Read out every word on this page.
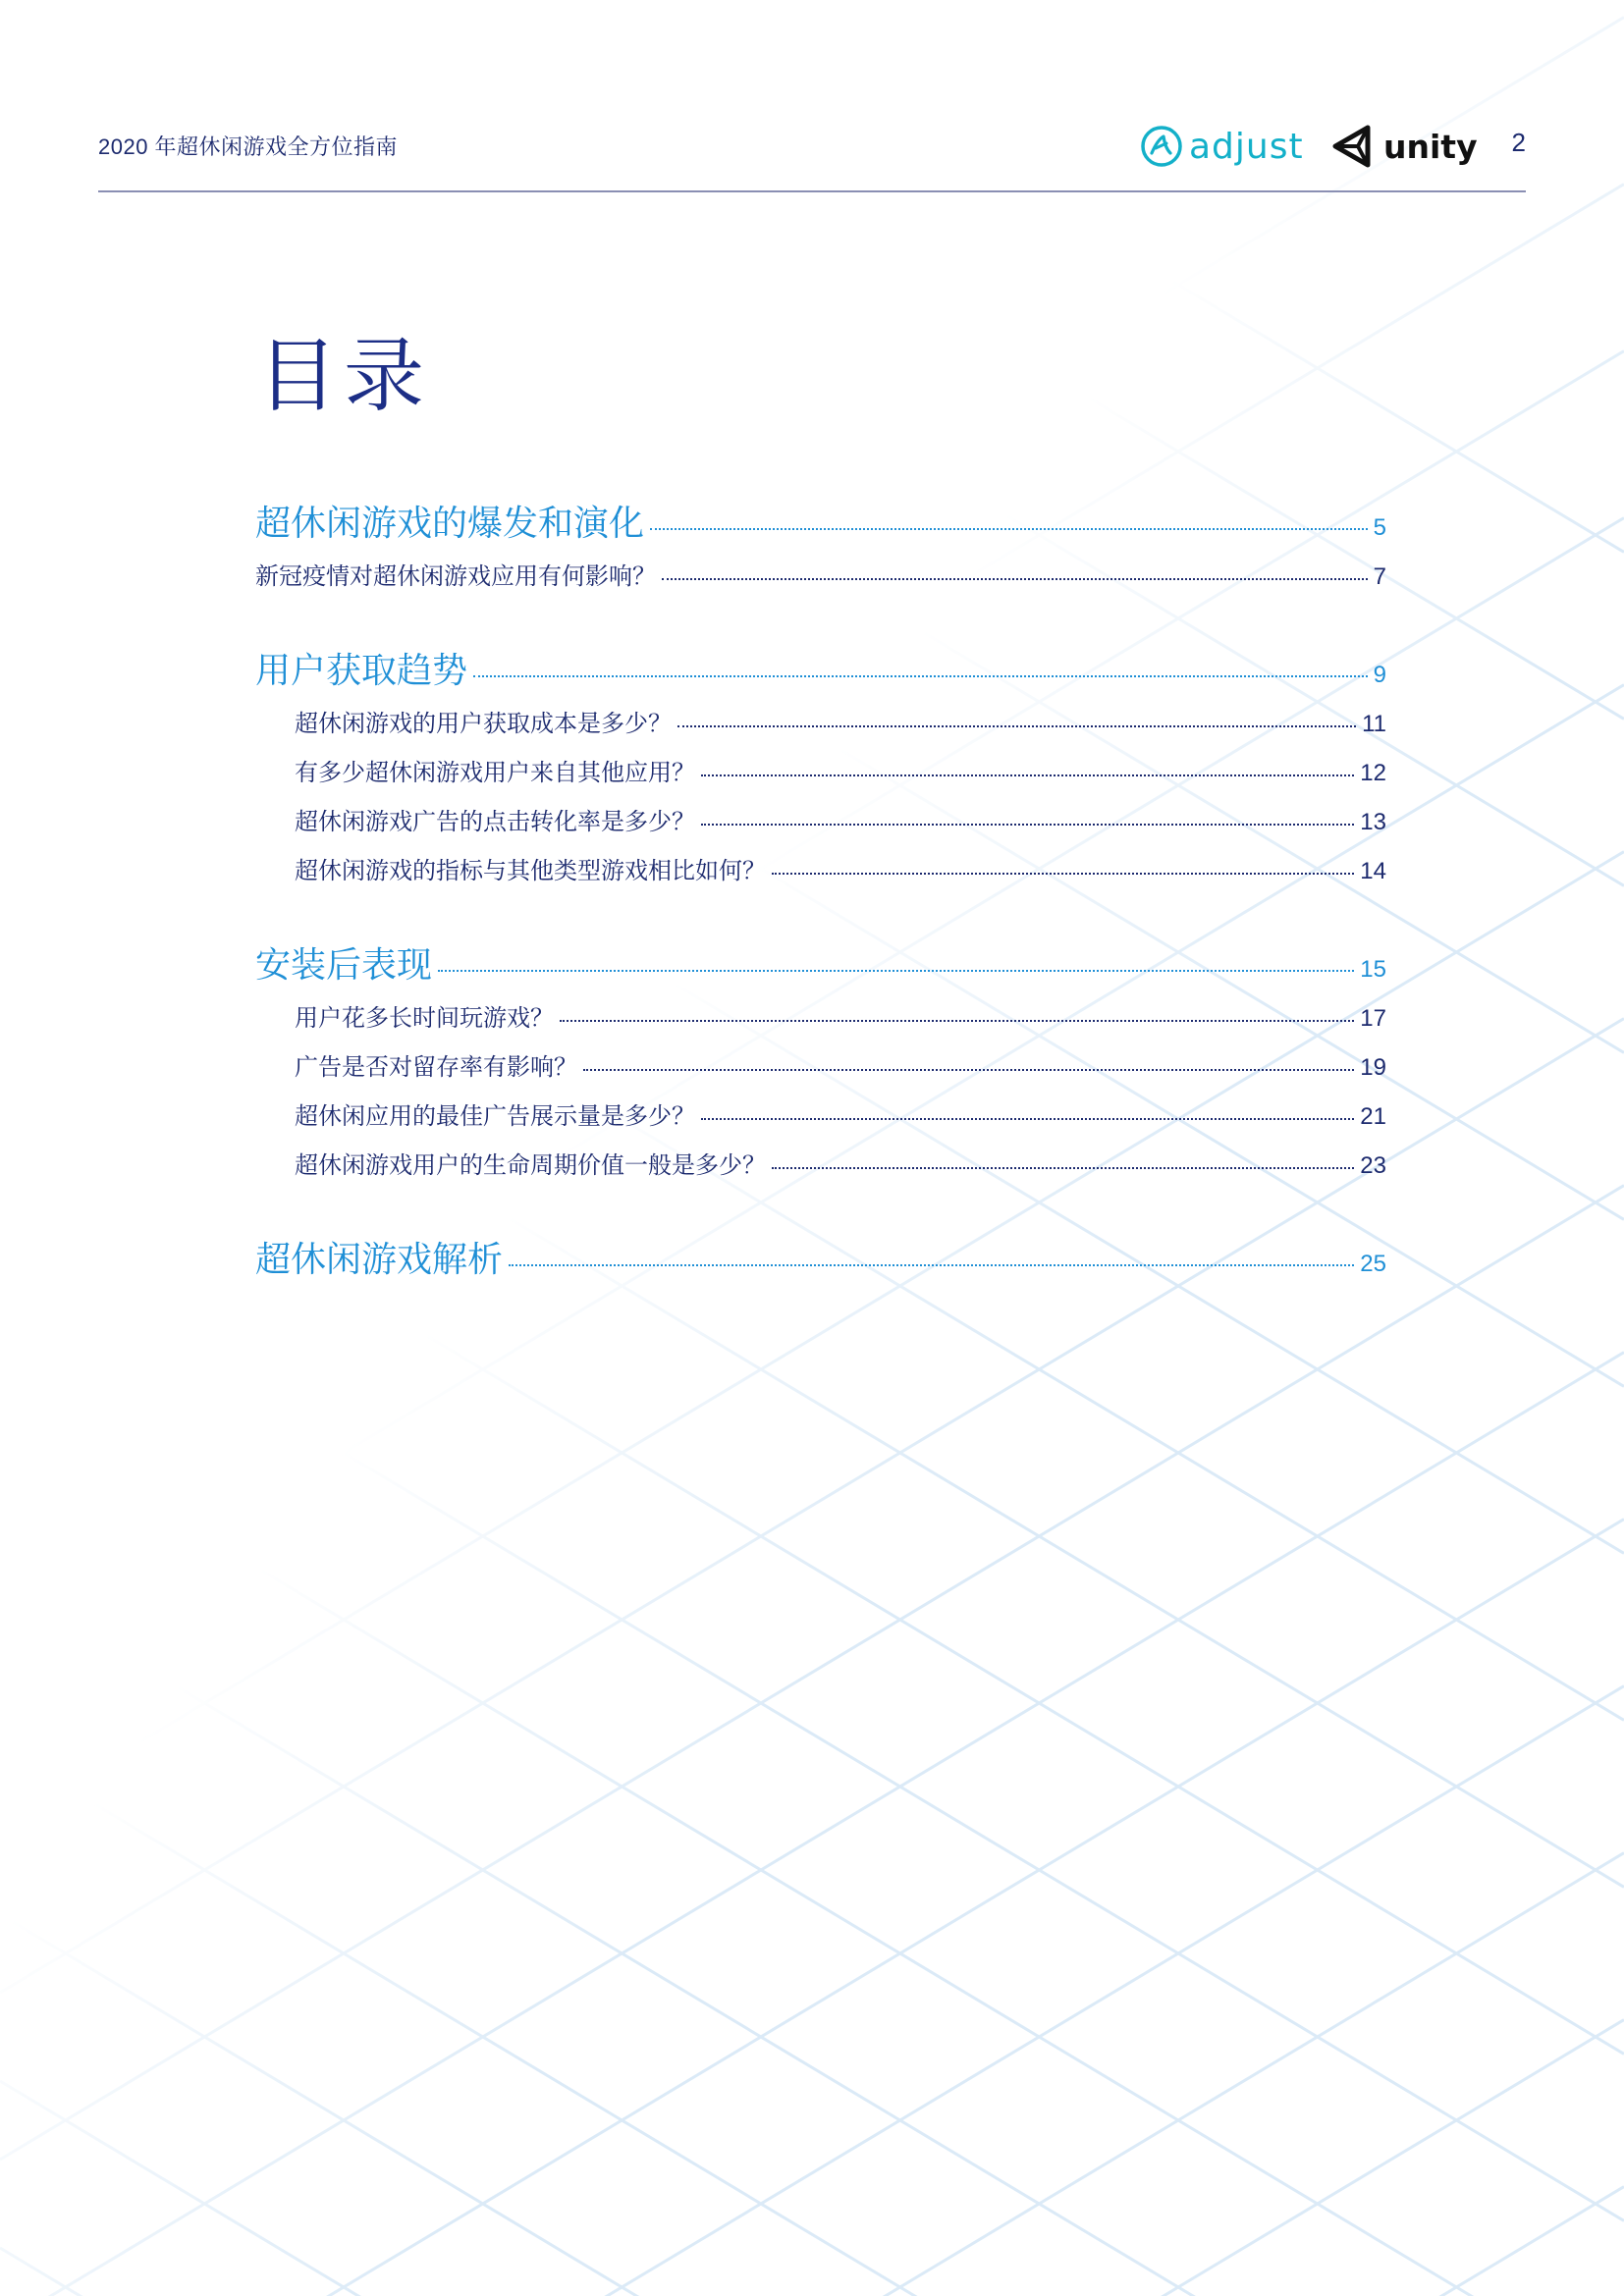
2020 年超休闲游戏全方位指南	adjust unity	2
目录
超休闲游戏的爆发和演化	5
新冠疫情对超休闲游戏应用有何影响？	7
用户获取趋势	9
超休闲游戏的用户获取成本是多少？	11
有多少超休闲游戏用户来自其他应用？	12
超休闲游戏广告的点击转化率是多少？	13
超休闲游戏的指标与其他类型游戏相比如何？	14
安装后表现	15
用户花多长时间玩游戏？	17
广告是否对留存率有影响？	19
超休闲应用的最佳广告展示量是多少？	21
超休闲游戏用户的生命周期价值一般是多少？	23
超休闲游戏解析	25
